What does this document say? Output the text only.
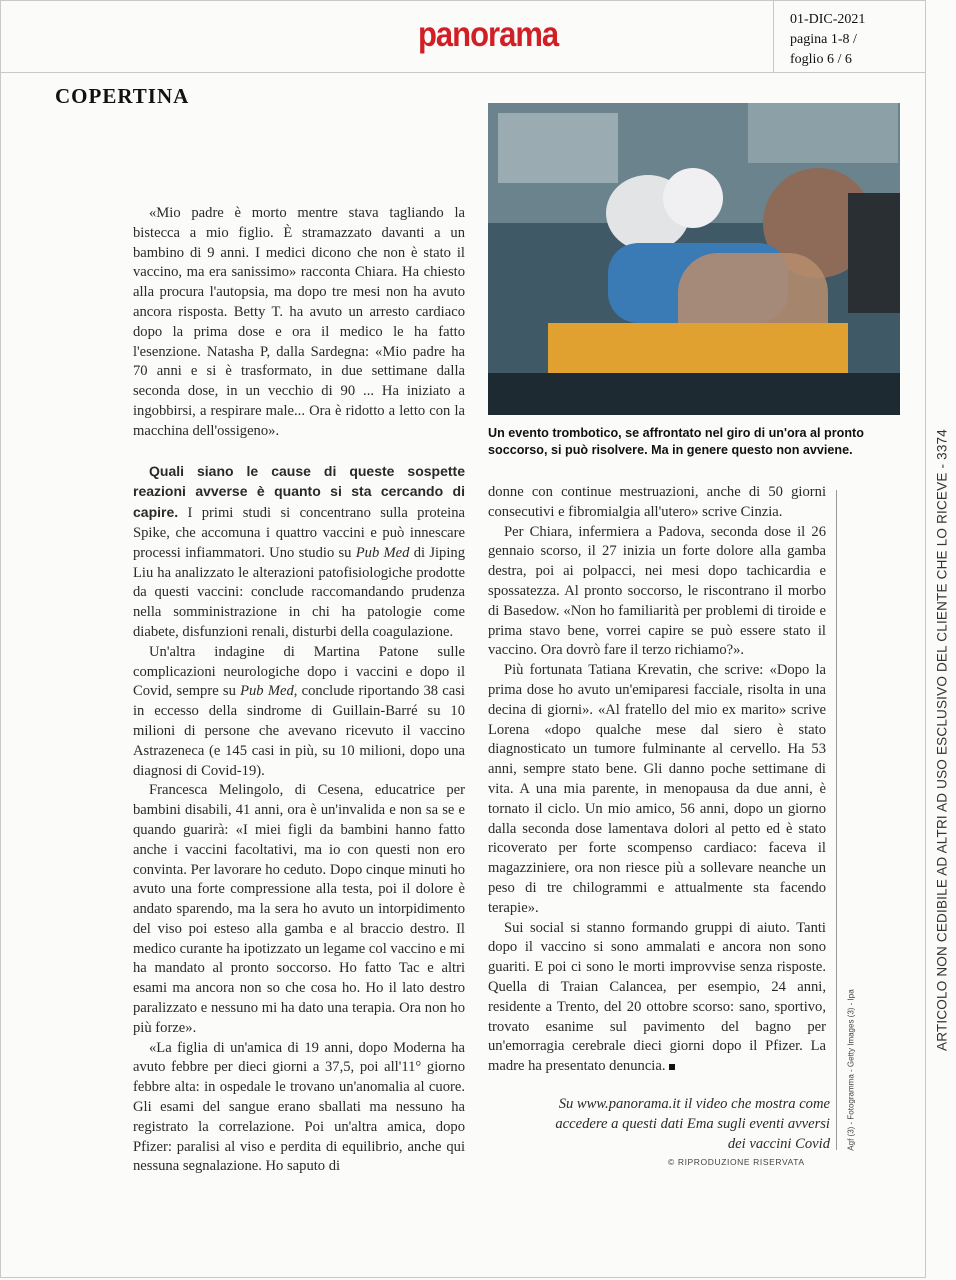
panorama	01-DIC-2021
pagina 1-8 /
foglio 6 / 6
ARTICOLO NON CEDIBILE AD ALTRI AD USO ESCLUSIVO DEL CLIENTE CHE LO RICEVE - 3374
COPERTINA

«Mio padre è morto mentre stava tagliando la bistecca a mio figlio. È stramazzato davanti a un bambino di 9 anni. I medici dicono che non è stato il vaccino, ma era sanissimo» racconta Chiara. Ha chiesto alla procura l'autopsia, ma dopo tre mesi non ha avuto ancora risposta. Betty T. ha avuto un arresto cardiaco dopo la prima dose e ora il medico le ha fatto l'esenzione. Natasha P, dalla Sardegna: «Mio padre ha 70 anni e si è trasformato, in due settimane dalla seconda dose, in un vecchio di 90 ... Ha iniziato a ingobbirsi, a respirare male... Ora è ridotto a letto con la macchina dell'ossigeno».

Quali siano le cause di queste sospette reazioni avverse è quanto si sta cercando di capire. I primi studi si concentrano sulla proteina Spike, che accomuna i quattro vaccini e può innescare processi infiammatori. Uno studio su Pub Med di Jiping Liu ha analizzato le alterazioni patofisiologiche prodotte da questi vaccini: conclude raccomandando prudenza nella somministrazione in chi ha patologie come diabete, disfunzioni renali, disturbi della coagulazione.

Un'altra indagine di Martina Patone sulle complicazioni neurologiche dopo i vaccini e dopo il Covid, sempre su Pub Med, conclude riportando 38 casi in eccesso della sindrome di Guillain-Barré su 10 milioni di persone che avevano ricevuto il vaccino Astrazeneca (e 145 casi in più, su 10 milioni, dopo una diagnosi di Covid-19).

Francesca Melingolo, di Cesena, educatrice per bambini disabili, 41 anni, ora è un'invalida e non sa se e quando guarirà: «I miei figli da bambini hanno fatto anche i vaccini facoltativi, ma io con questi non ero convinta. Per lavorare ho ceduto. Dopo cinque minuti ho avuto una forte compressione alla testa, poi il dolore è andato sparendo, ma la sera ho avuto un intorpidimento del viso poi esteso alla gamba e al braccio destro. Il medico curante ha ipotizzato un legame col vaccino e mi ha mandato al pronto soccorso. Ho fatto Tac e altri esami ma ancora non so che cosa ho. Ho il lato destro paralizzato e nessuno mi ha dato una terapia. Ora non ho più forze».

«La figlia di un'amica di 19 anni, dopo Moderna ha avuto febbre per dieci giorni a 37,5, poi all'11° giorno febbre alta: in ospedale le trovano un'anomalia al cuore. Gli esami del sangue erano sballati ma nessuno ha registrato la correlazione. Poi un'altra amica, dopo Pfizer: paralisi al viso e perdita di equilibrio, anche qui nessuna segnalazione. Ho saputo di

Un evento trombotico, se affrontato nel giro di un'ora al pronto soccorso, si può risolvere. Ma in genere questo non avviene.

donne con continue mestruazioni, anche di 50 giorni consecutivi e fibromialgia all'utero» scrive Cinzia.

Per Chiara, infermiera a Padova, seconda dose il 26 gennaio scorso, il 27 inizia un forte dolore alla gamba destra, poi ai polpacci, nei mesi dopo tachicardia e spossatezza. Al pronto soccorso, le riscontrano il morbo di Basedow. «Non ho familiarità per problemi di tiroide e prima stavo bene, vorrei capire se può essere stato il vaccino. Ora dovrò fare il terzo richiamo?».

Più fortunata Tatiana Krevatin, che scrive: «Dopo la prima dose ho avuto un'emiparesi facciale, risolta in una decina di giorni». «Al fratello del mio ex marito» scrive Lorena «dopo qualche mese dal siero è stato diagnosticato un tumore fulminante al cervello. Ha 53 anni, sempre stato bene. Gli danno poche settimane di vita. A una mia parente, in menopausa da due anni, è tornato il ciclo. Un mio amico, 56 anni, dopo un giorno dalla seconda dose lamentava dolori al petto ed è stato ricoverato per forte scompenso cardiaco: faceva il magazziniere, ora non riesce più a sollevare neanche un peso di tre chilogrammi e attualmente sta facendo terapie».

Sui social si stanno formando gruppi di aiuto. Tanti dopo il vaccino si sono ammalati e ancora non sono guariti. E poi ci sono le morti improvvise senza risposte. Quella di Traian Calancea, per esempio, 24 anni, residente a Trento, del 20 ottobre scorso: sano, sportivo, trovato esanime sul pavimento del bagno per un'emorragia cerebrale dieci giorni dopo il Pfizer. La madre ha presentato denuncia.

Su www.panorama.it il video che mostra come accedere a questi dati Ema sugli eventi avversi dei vaccini Covid
© RIPRODUZIONE RISERVATA
Agf (3) - Fotogramma - Getty Images (3) - Ipa
